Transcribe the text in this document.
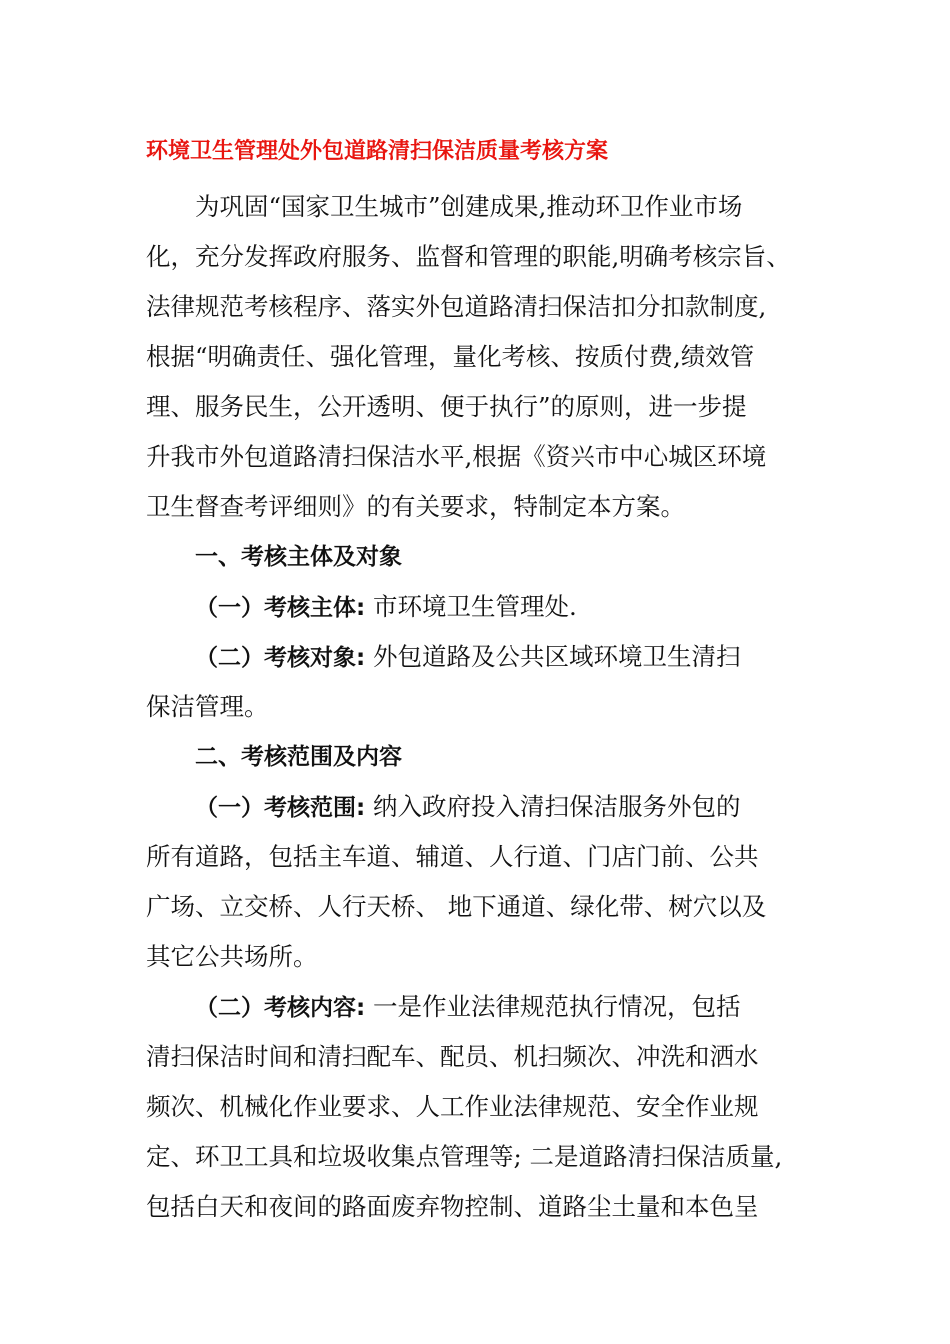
环境卫生管理处外包道路清扫保洁质量考核方案

为巩固“国家卫生城市”创建成果,推动环卫作业市场
化，充分发挥政府服务、监督和管理的职能,明确考核宗旨、
法律规范考核程序、落实外包道路清扫保洁扣分扣款制度,
根据“明确责任、强化管理，量化考核、按质付费,绩效管
理、服务民生，公开透明、便于执行”的原则，进一步提
升我市外包道路清扫保洁水平,根据《资兴市中心城区环境
卫生督查考评细则》的有关要求，特制定本方案。

一、考核主体及对象

（一）考核主体: 市环境卫生管理处.

（二）考核对象: 外包道路及公共区域环境卫生清扫
保洁管理。

二、考核范围及内容

（一）考核范围: 纳入政府投入清扫保洁服务外包的
所有道路，包括主车道、辅道、人行道、门店门前、公共
广场、立交桥、人行天桥、 地下通道、绿化带、树穴以及
其它公共场所。

（二）考核内容: 一是作业法律规范执行情况，包括
清扫保洁时间和清扫配车、配员、机扫频次、冲洗和洒水
频次、机械化作业要求、人工作业法律规范、安全作业规
定、环卫工具和垃圾收集点管理等; 二是道路清扫保洁质量,
包括白天和夜间的路面废弃物控制、道路尘土量和本色呈
